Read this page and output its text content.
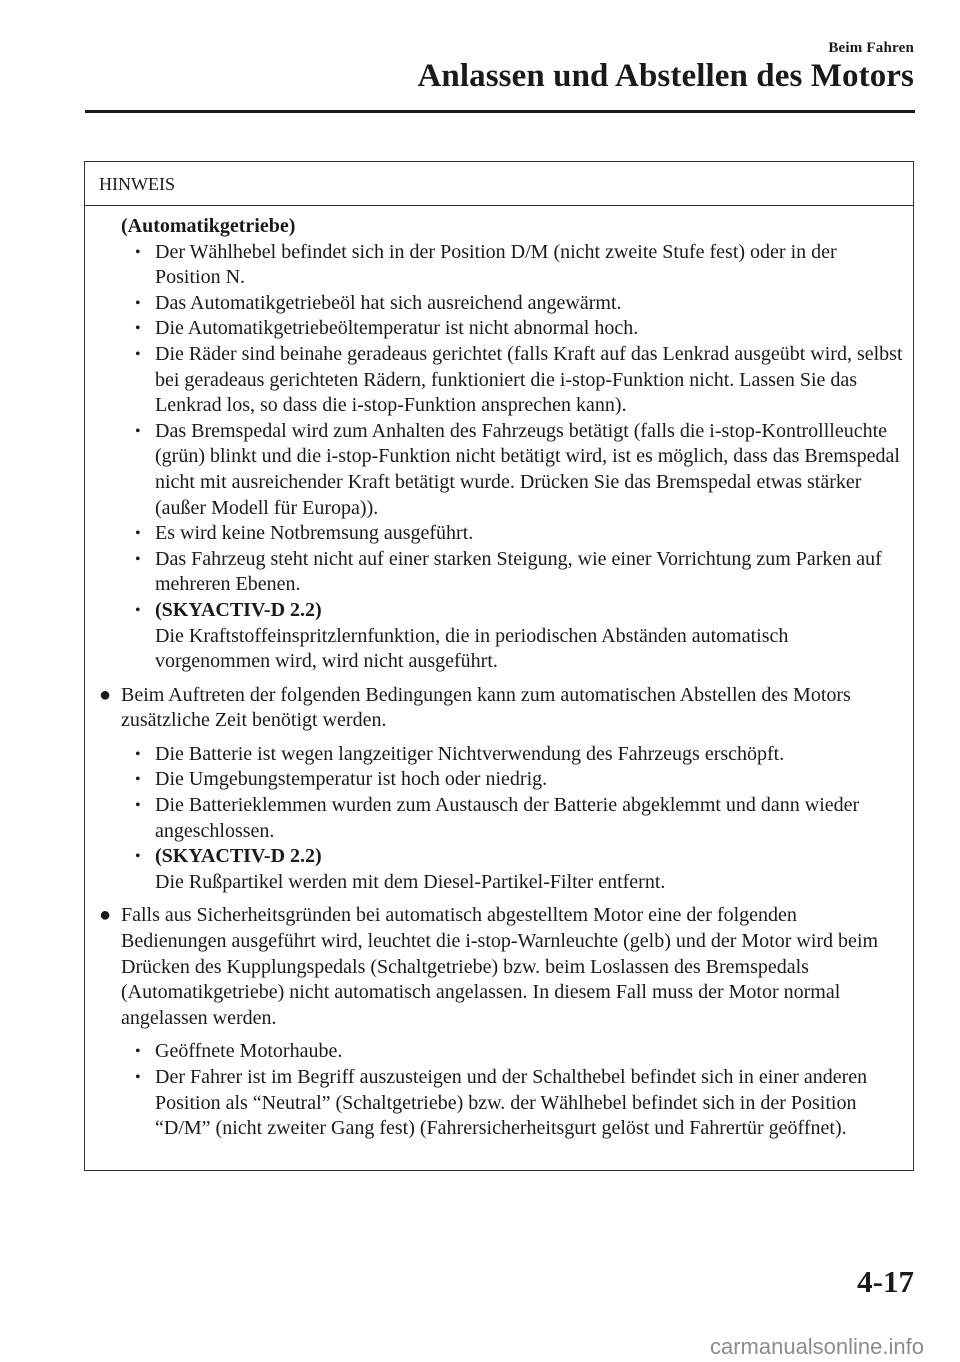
Beim Fahren
Anlassen und Abstellen des Motors
HINWEIS
(Automatikgetriebe)
• Der Wählhebel befindet sich in der Position D/M (nicht zweite Stufe fest) oder in der Position N.
• Das Automatikgetriebeöl hat sich ausreichend angewärmt.
• Die Automatikgetriebeöltemperatur ist nicht abnormal hoch.
• Die Räder sind beinahe geradeaus gerichtet (falls Kraft auf das Lenkrad ausgeübt wird, selbst bei geradeaus gerichteten Rädern, funktioniert die i-stop-Funktion nicht. Lassen Sie das Lenkrad los, so dass die i-stop-Funktion ansprechen kann).
• Das Bremspedal wird zum Anhalten des Fahrzeugs betätigt (falls die i-stop-Kontrollleuchte (grün) blinkt und die i-stop-Funktion nicht betätigt wird, ist es möglich, dass das Bremspedal nicht mit ausreichender Kraft betätigt wurde. Drücken Sie das Bremspedal etwas stärker (außer Modell für Europa)).
• Es wird keine Notbremsung ausgeführt.
• Das Fahrzeug steht nicht auf einer starken Steigung, wie einer Vorrichtung zum Parken auf mehreren Ebenen.
• (SKYACTIV-D 2.2)
Die Kraftstoffeinspritzlernfunktion, die in periodischen Abständen automatisch vorgenommen wird, wird nicht ausgeführt.
● Beim Auftreten der folgenden Bedingungen kann zum automatischen Abstellen des Motors zusätzliche Zeit benötigt werden.
• Die Batterie ist wegen langzeitiger Nichtverwendung des Fahrzeugs erschöpft.
• Die Umgebungstemperatur ist hoch oder niedrig.
• Die Batterieklemmen wurden zum Austausch der Batterie abgeklemmt und dann wieder angeschlossen.
• (SKYACTIV-D 2.2)
Die Rußpartikel werden mit dem Diesel-Partikel-Filter entfernt.
● Falls aus Sicherheitsgründen bei automatisch abgestelltem Motor eine der folgenden Bedienungen ausgeführt wird, leuchtet die i-stop-Warnleuchte (gelb) und der Motor wird beim Drücken des Kupplungspedals (Schaltgetriebe) bzw. beim Loslassen des Bremspedals (Automatikgetriebe) nicht automatisch angelassen. In diesem Fall muss der Motor normal angelassen werden.
• Geöffnete Motorhaube.
• Der Fahrer ist im Begriff auszusteigen und der Schalthebel befindet sich in einer anderen Position als “Neutral” (Schaltgetriebe) bzw. der Wählhebel befindet sich in der Position “D/M” (nicht zweiter Gang fest) (Fahrersicherheitsgurt gelöst und Fahrertür geöffnet).
4-17
carmanualsonline.info
